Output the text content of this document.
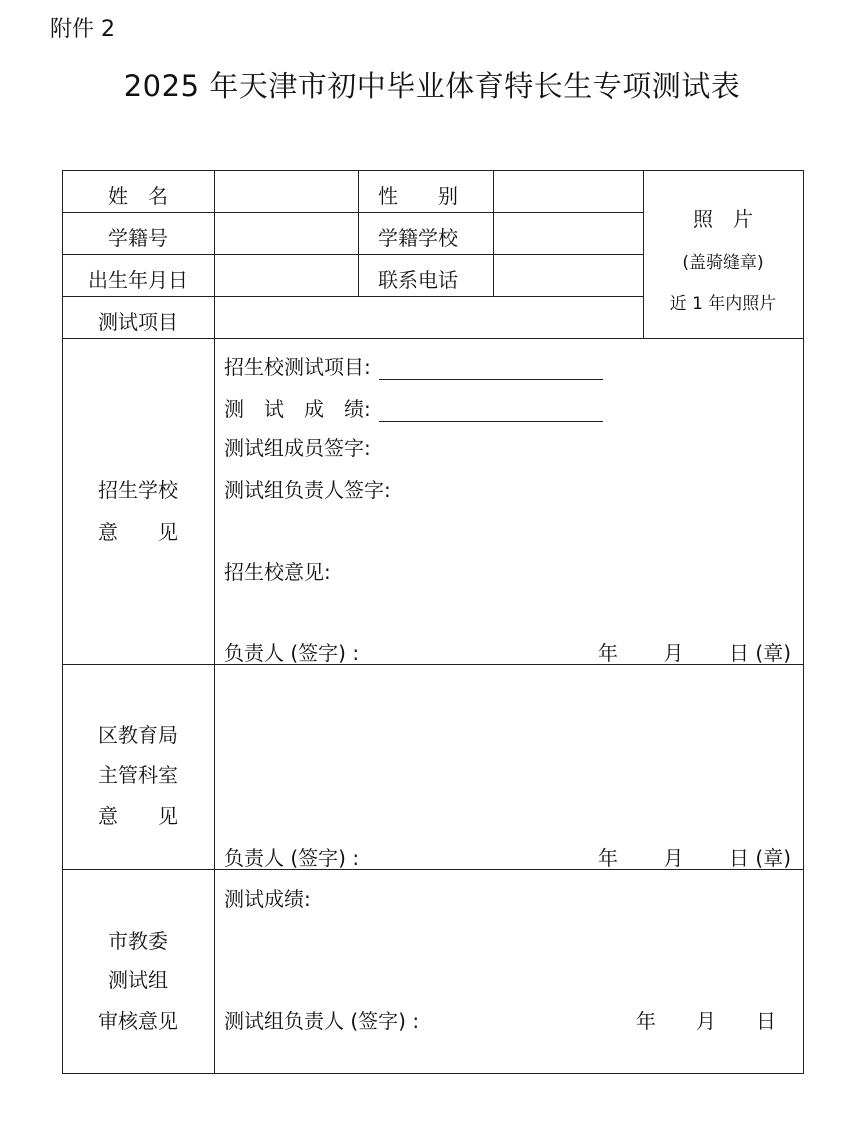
附件 2
2025 年天津市初中毕业体育特长生专项测试表
姓　名	性　　别
学籍号	学籍学校
出生年月日	联系电话
测试项目
照　片
(盖骑缝章)
近 1 年内照片
招生学校
意　　见
招生校测试项目:
测　试　成　绩:
测试组成员签字:
测试组负责人签字:
招生校意见:
负责人 (签字) :	年 月 日 (章)
区教育局
主管科室
意　　见
负责人 (签字) :	年 月 日 (章)
市教委
测试组
审核意见
测试成绩:
测试组负责人 (签字) :	年 月 日
